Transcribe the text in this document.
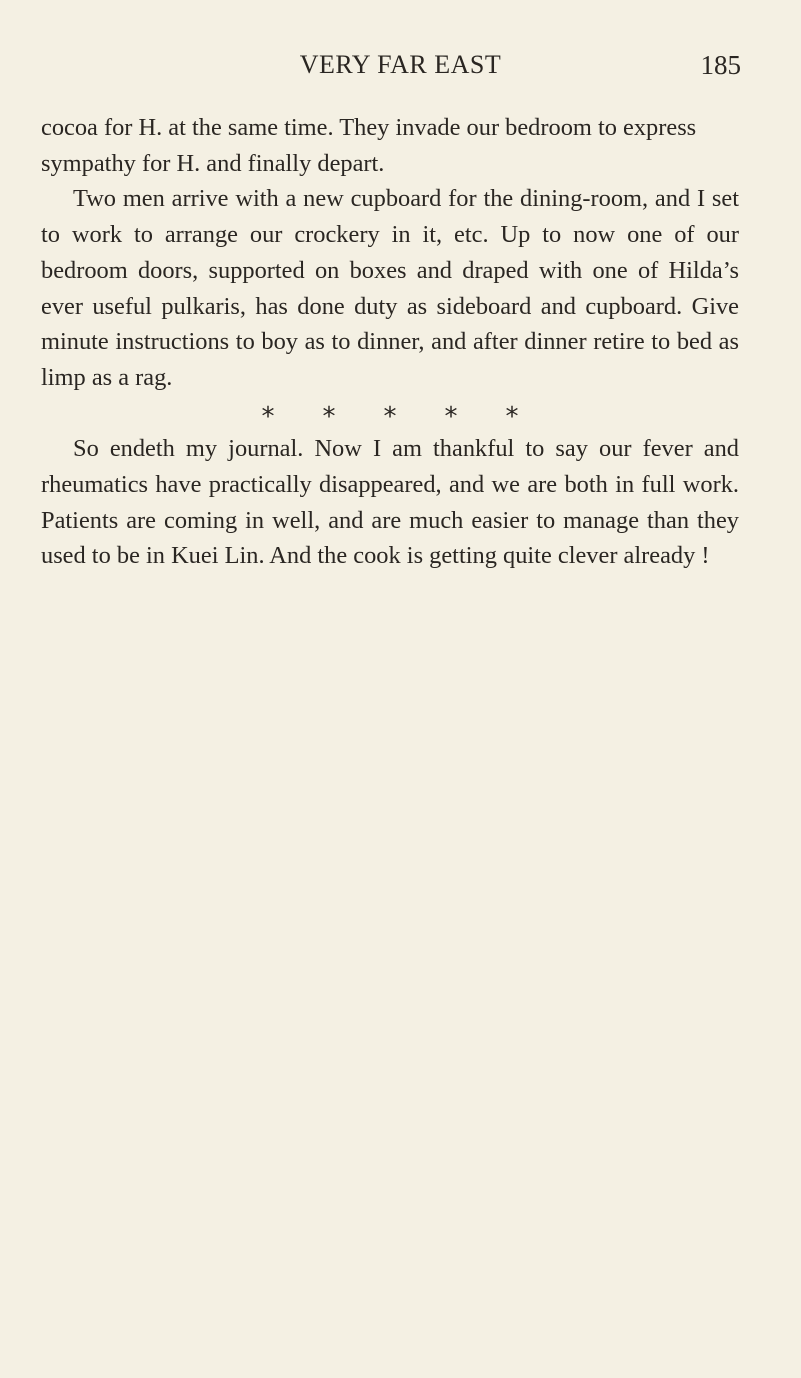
VERY FAR EAST	185

cocoa for H. at the same time. They invade our bedroom to express sympathy for H. and finally depart.

Two men arrive with a new cupboard for the dining-room, and I set to work to arrange our crockery in it, etc. Up to now one of our bedroom doors, supported on boxes and draped with one of Hilda’s ever useful pulkaris, has done duty as sideboard and cupboard. Give minute instructions to boy as to dinner, and after dinner retire to bed as limp as a rag.

* * * * *

So endeth my journal. Now I am thankful to say our fever and rheumatics have practically disappeared, and we are both in full work. Patients are coming in well, and are much easier to manage than they used to be in Kuei Lin. And the cook is getting quite clever already !
